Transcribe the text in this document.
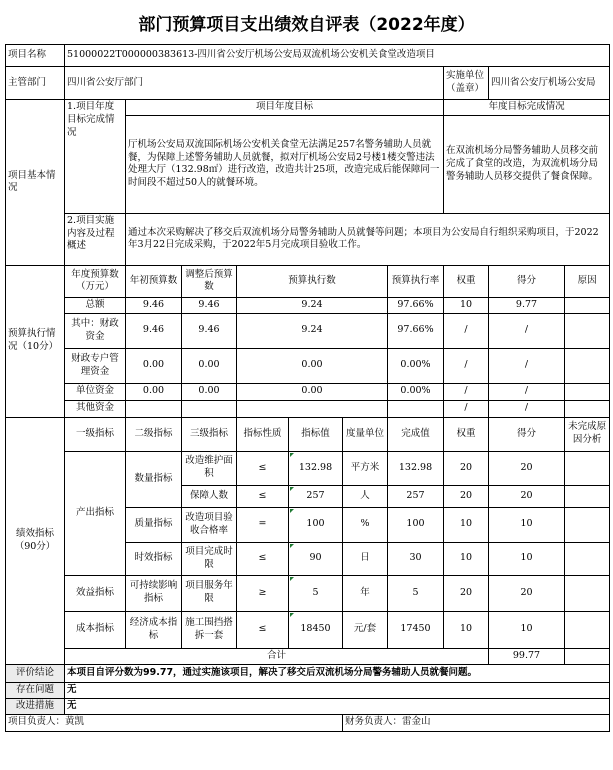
部门预算项目支出绩效自评表（2022年度）
项目名称	51000022T000000383613-四川省公安厅机场公安局双流机场公安机关食堂改造项目									
主管部门	四川省公安厅部门							实施单位（盖章）	四川省公安厅机场公安局	
项目基本情况	1.项目年度目标完成情况	项目年度目标						年度目标完成情况		
		厅机场公安局双流国际机场公安机关食堂无法满足257名警务辅助人员就餐，为保障上述警务辅助人员就餐，拟对厅机场公安局2号楼1楼交警违法处理大厅（132.98㎡）进行改造，改造共计25项，改造完成后能保障同一时间段不超过50人的就餐环境。						在双流机场分局警务辅助人员移交前完成了食堂的改造，为双流机场分局警务辅助人员移交提供了餐食保障。		
	2.项目实施内容及过程概述	通过本次采购解决了移交后双流机场分局警务辅助人员就餐等问题；本项目为公安局自行组织采购项目，于2022年3月22日完成采购，于2022年5月完成项目验收工作。								

预算执行情况（10分）	年度预算数（万元）	年初预算数	调整后预算数	预算执行数			预算执行率	权重	得分	原因
	总额	9.46	9.46	9.24			97.66%	10	9.77	
	其中：财政资金	9.46	9.46	9.24			97.66%	/	/	
	财政专户管理资金	0.00	0.00	0.00			0.00%	/	/	
	单位资金	0.00	0.00	0.00			0.00%	/	/	
	其他资金							/	/	

绩效指标（90分）	一级指标	二级指标	三级指标	指标性质	指标值	度量单位	完成值	权重	得分	未完成原因分析
	产出指标	数量指标	改造维护面积	≤	132.98	平方米	132.98	20	20	
			保障人数	≤	257	人	257	20	20	
		质量指标	改造项目验收合格率	=	100	%	100	10	10	
		时效指标	项目完成时限	≤	90	日	30	10	10	
	效益指标	可持续影响指标	项目服务年限	≥	5	年	5	20	20	
	成本指标	经济成本指标	施工围挡搭拆一套	≤	18450	元/套	17450	10	10	
	合计								99.77	

评价结论	本项目自评分数为99.77，通过实施该项目，解决了移交后双流机场分局警务辅助人员就餐问题。									
存在问题	无									
改进措施	无									
项目负责人：黄凯						财务负责人：雷金山				
